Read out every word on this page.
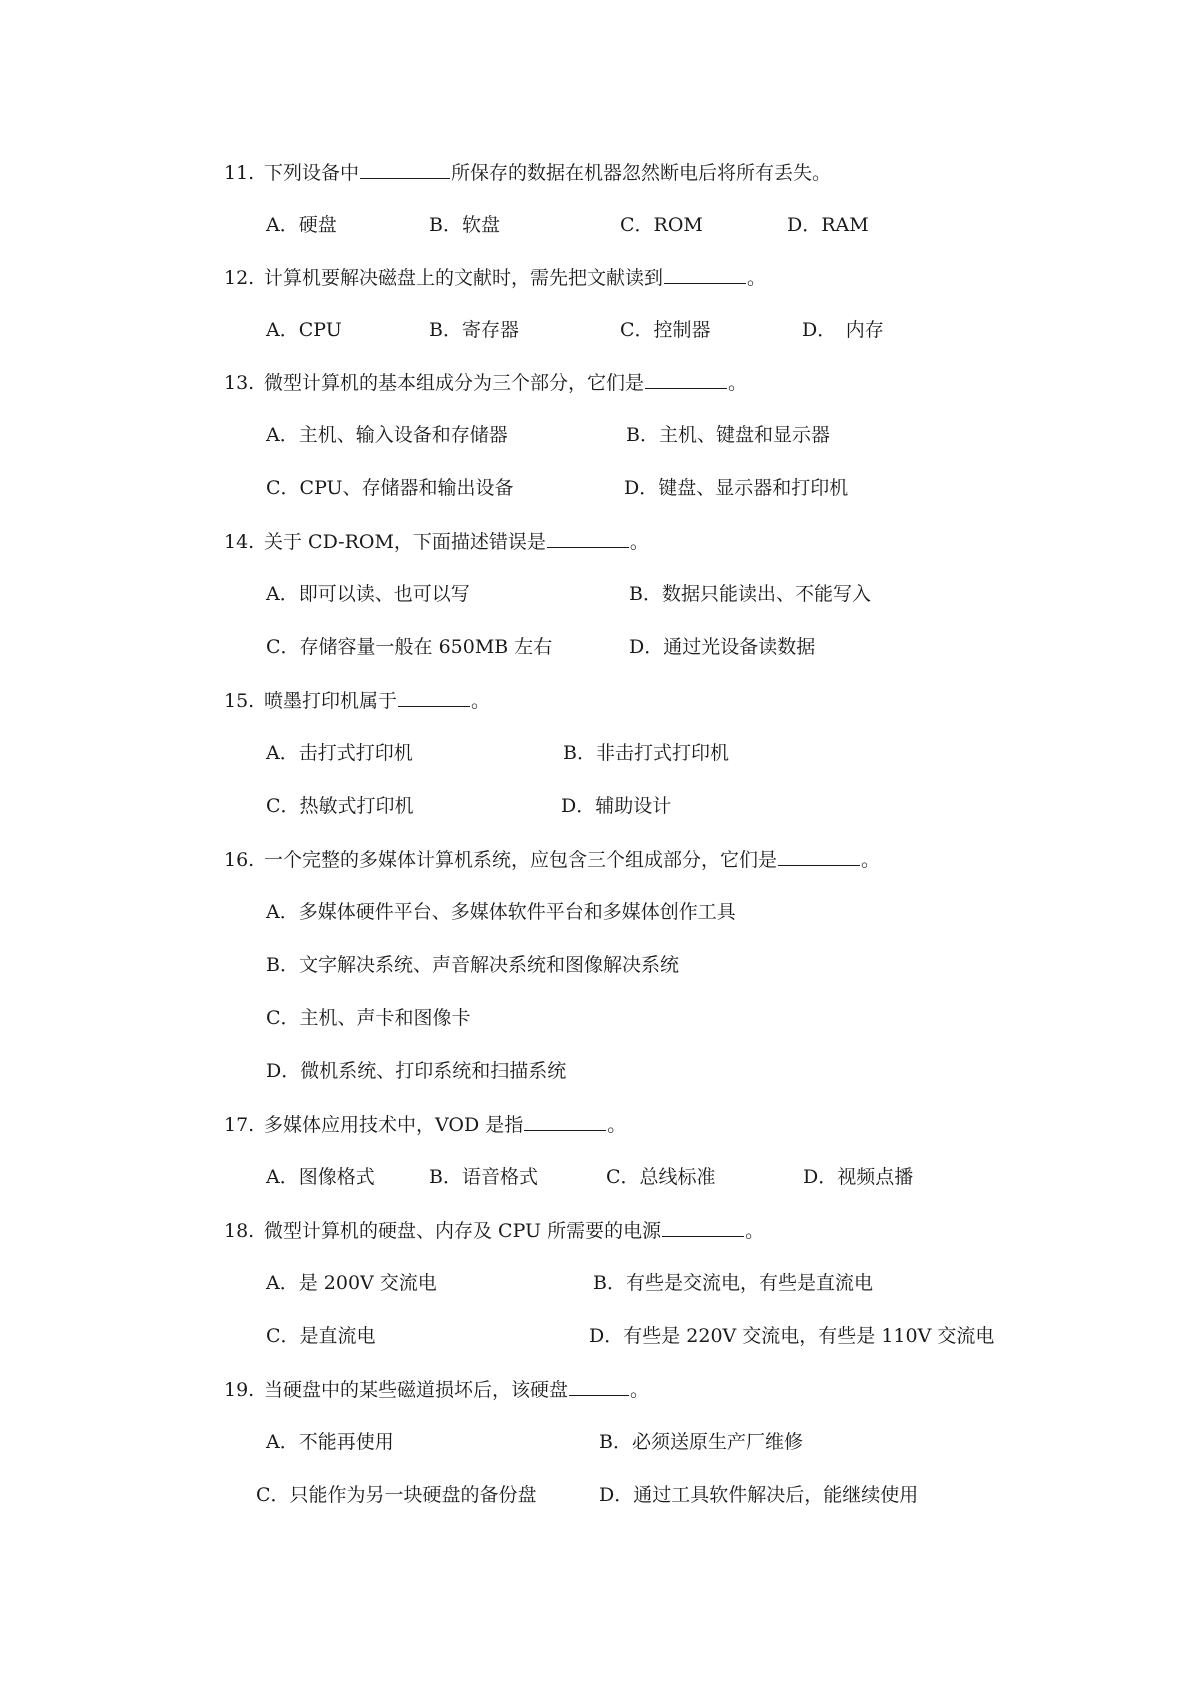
11. 下列设备中	所保存的数据在机器忽然断电后将所有丢失。
A．硬盘	B．软盘	C．ROM	D．RAM
12. 计算机要解决磁盘上的文献时，需先把文献读到	。
A．CPU	B．寄存器	C．控制器	D．　内存
13. 微型计算机的基本组成分为三个部分，它们是	。
A．主机、输入设备和存储器	B．主机、键盘和显示器
C．CPU、存储器和输出设备	D．键盘、显示器和打印机
14. 关于 CD-ROM，下面描述错误是	。
A．即可以读、也可以写	B．数据只能读出、不能写入
C．存储容量一般在 650MB 左右	D．通过光设备读数据
15. 喷墨打印机属于	。
A．击打式打印机	B．非击打式打印机
C．热敏式打印机	D．辅助设计
16. 一个完整的多媒体计算机系统，应包含三个组成部分，它们是	。
A．多媒体硬件平台、多媒体软件平台和多媒体创作工具
B．文字解决系统、声音解决系统和图像解决系统
C．主机、声卡和图像卡
D．微机系统、打印系统和扫描系统
17. 多媒体应用技术中，VOD 是指	。
A．图像格式	B．语音格式	C．总线标准	D．视频点播
18. 微型计算机的硬盘、内存及 CPU 所需要的电源	。
A．是 200V 交流电	B．有些是交流电，有些是直流电
C．是直流电	D．有些是 220V 交流电，有些是 110V 交流电
19. 当硬盘中的某些磁道损坏后，该硬盘	。
A．不能再使用	B．必须送原生产厂维修
C．只能作为另一块硬盘的备份盘	D．通过工具软件解决后，能继续使用
